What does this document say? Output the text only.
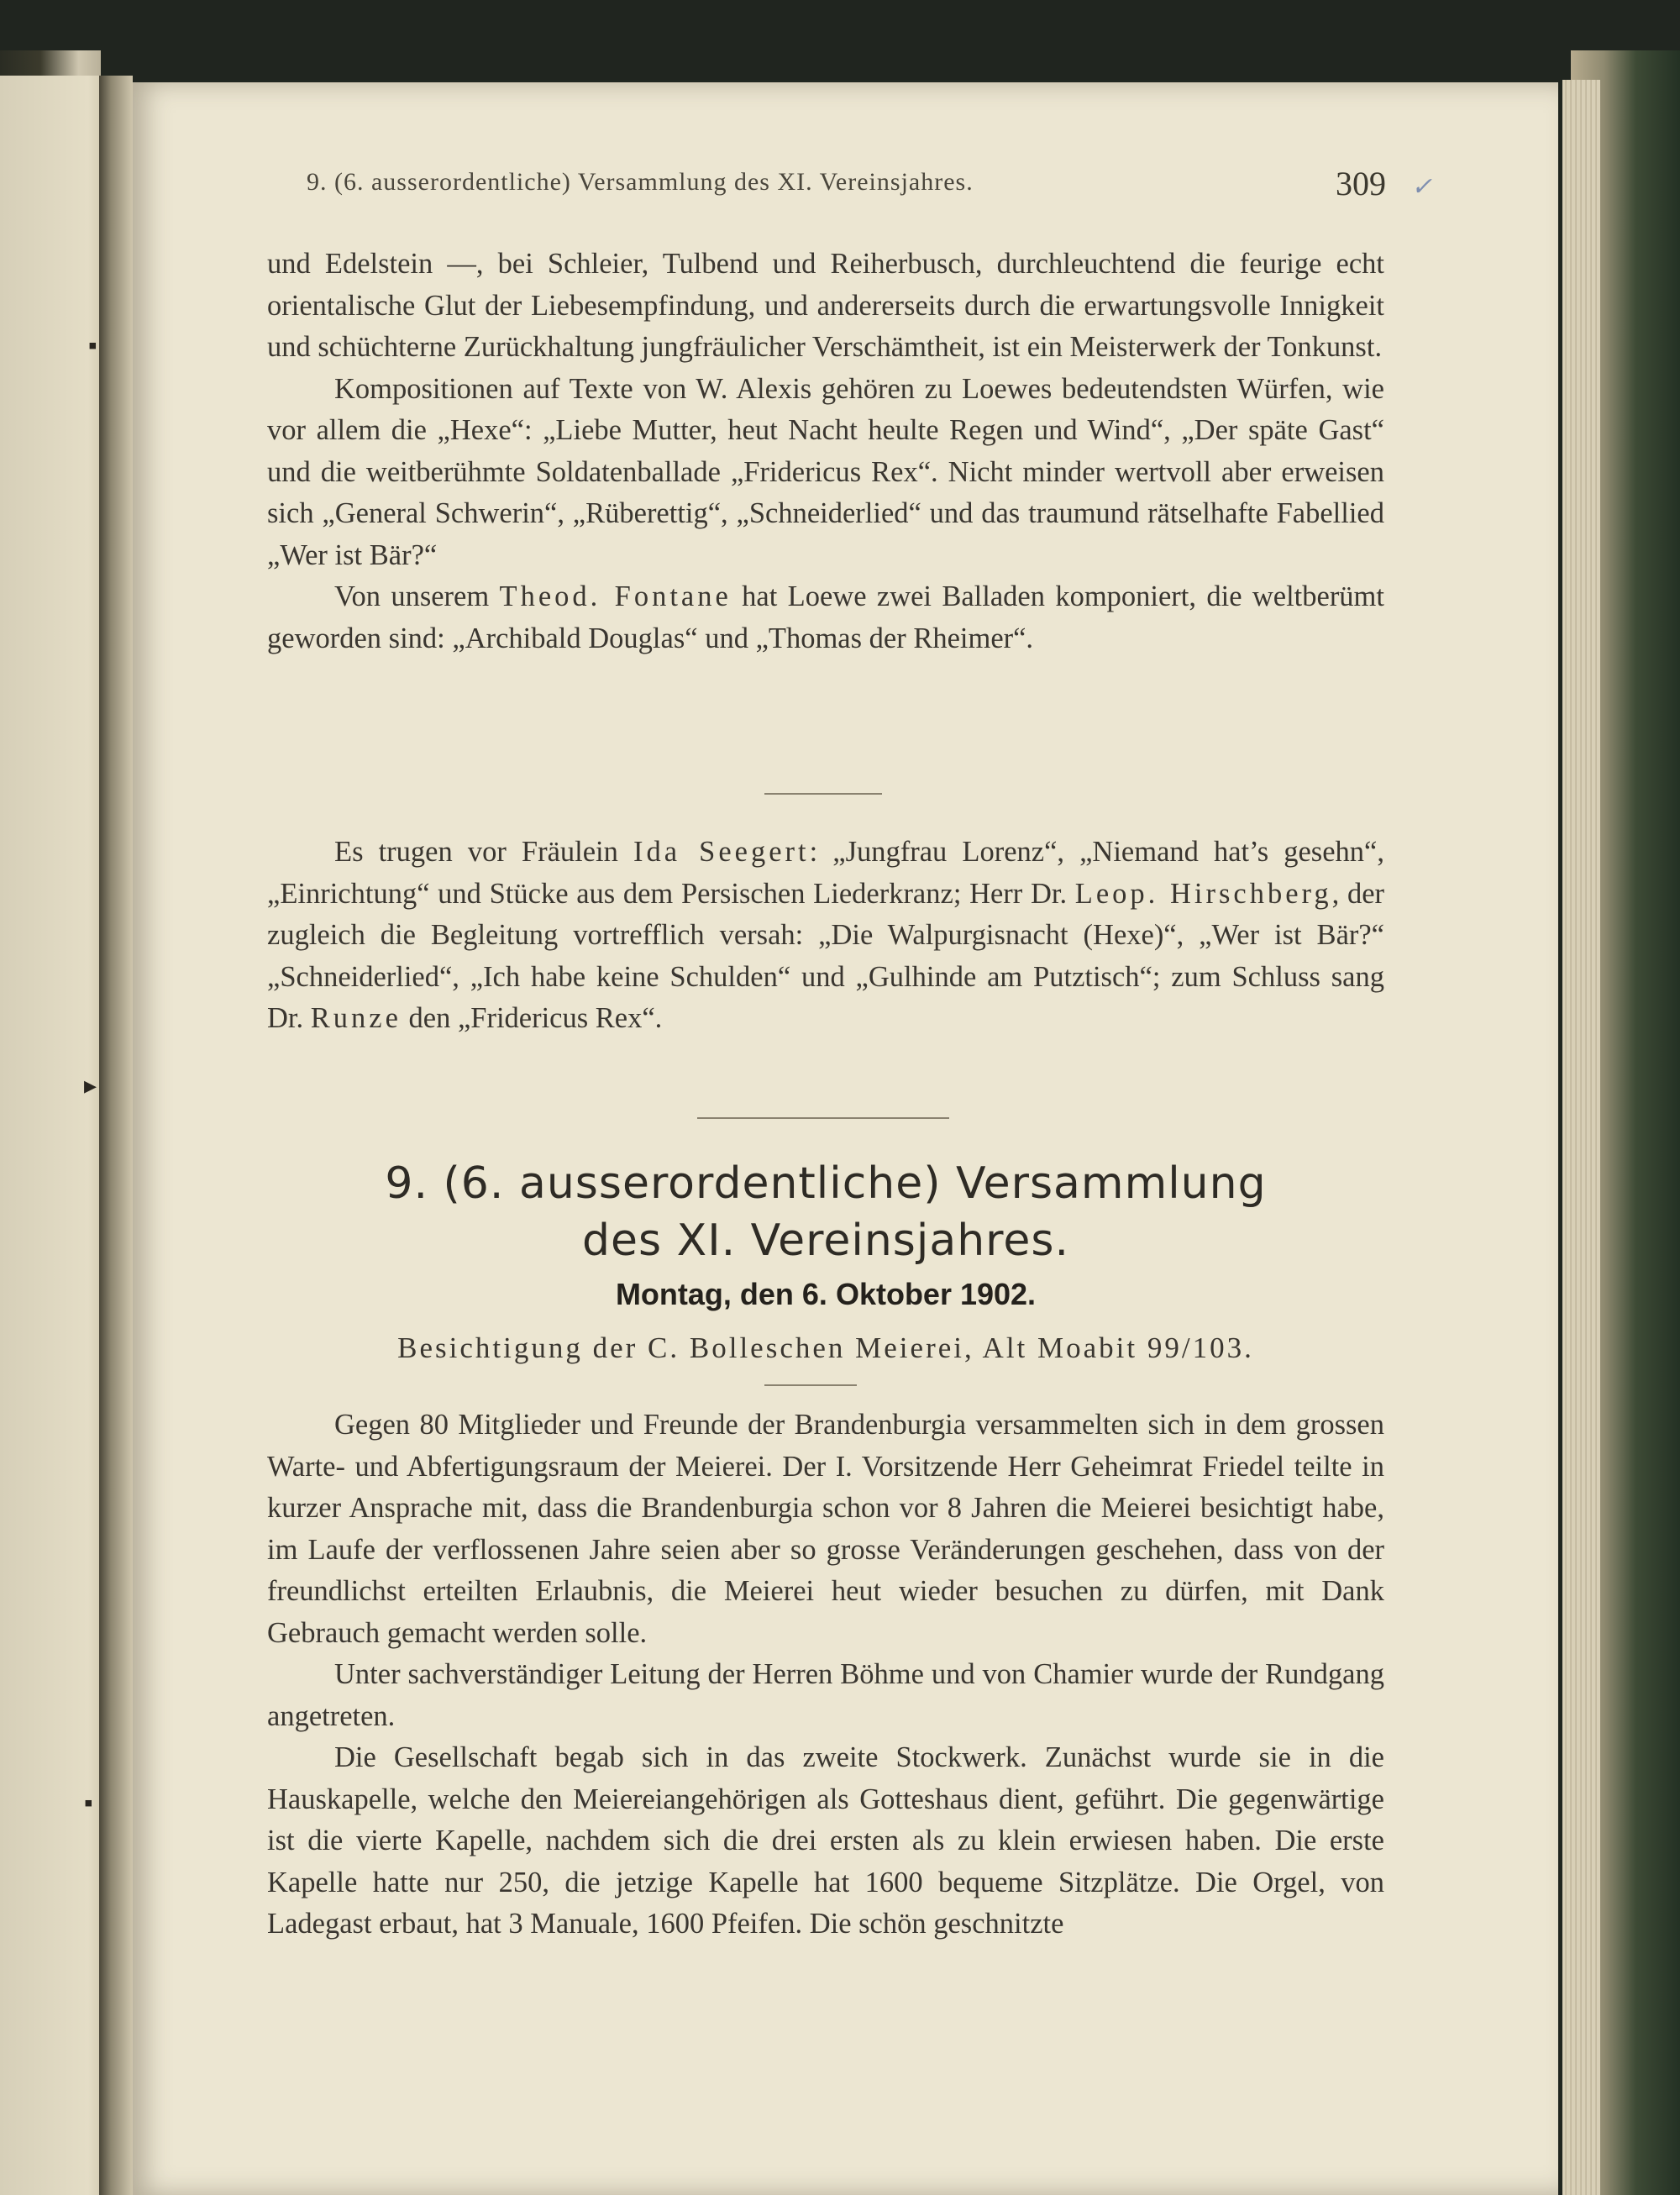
▪
▸
▪
9. (6. ausserordentliche) Versammlung des XI. Vereinsjahres.	309 ✓

und Edelstein —, bei Schleier, Tulbend und Reiherbusch, durchleuchtend die feurige echt orientalische Glut der Liebesempfindung, und andererseits durch die erwartungsvolle Innigkeit und schüchterne Zurückhaltung jungfräulicher Verschämtheit, ist ein Meisterwerk der Tonkunst.

Kompositionen auf Texte von W. Alexis gehören zu Loewes bedeutendsten Würfen, wie vor allem die „Hexe“: „Liebe Mutter, heut Nacht heulte Regen und Wind“, „Der späte Gast“ und die weitberühmte Soldatenballade „Fridericus Rex“. Nicht minder wertvoll aber erweisen sich „General Schwerin“, „Rüberettig“, „Schneiderlied“ und das traumund rätselhafte Fabellied „Wer ist Bär?“

Von unserem Theod. Fontane hat Loewe zwei Balladen komponiert, die weltberümt geworden sind: „Archibald Douglas“ und „Thomas der Rheimer“.

Es trugen vor Fräulein Ida Seegert: „Jungfrau Lorenz“, „Niemand hat’s gesehn“, „Einrichtung“ und Stücke aus dem Persischen Liederkranz; Herr Dr. Leop. Hirschberg, der zugleich die Begleitung vortrefflich versah: „Die Walpurgisnacht (Hexe)“, „Wer ist Bär?“ „Schneiderlied“, „Ich habe keine Schulden“ und „Gulhinde am Putztisch“; zum Schluss sang Dr. Runze den „Fridericus Rex“.

9. (6. ausserordentliche) Versammlung
des XI. Vereinsjahres.
Montag, den 6. Oktober 1902.
Besichtigung der C. Bolleschen Meierei, Alt Moabit 99/103.

Gegen 80 Mitglieder und Freunde der Brandenburgia versammelten sich in dem grossen Warte- und Abfertigungsraum der Meierei. Der I. Vorsitzende Herr Geheimrat Friedel teilte in kurzer Ansprache mit, dass die Brandenburgia schon vor 8 Jahren die Meierei besichtigt habe, im Laufe der verflossenen Jahre seien aber so grosse Veränderungen geschehen, dass von der freundlichst erteilten Erlaubnis, die Meierei heut wieder besuchen zu dürfen, mit Dank Gebrauch gemacht werden solle.

Unter sachverständiger Leitung der Herren Böhme und von Chamier wurde der Rundgang angetreten.

Die Gesellschaft begab sich in das zweite Stockwerk. Zunächst wurde sie in die Hauskapelle, welche den Meiereiangehörigen als Gotteshaus dient, geführt. Die gegenwärtige ist die vierte Kapelle, nachdem sich die drei ersten als zu klein erwiesen haben. Die erste Kapelle hatte nur 250, die jetzige Kapelle hat 1600 bequeme Sitzplätze. Die Orgel, von Ladegast erbaut, hat 3 Manuale, 1600 Pfeifen. Die schön geschnitzte
